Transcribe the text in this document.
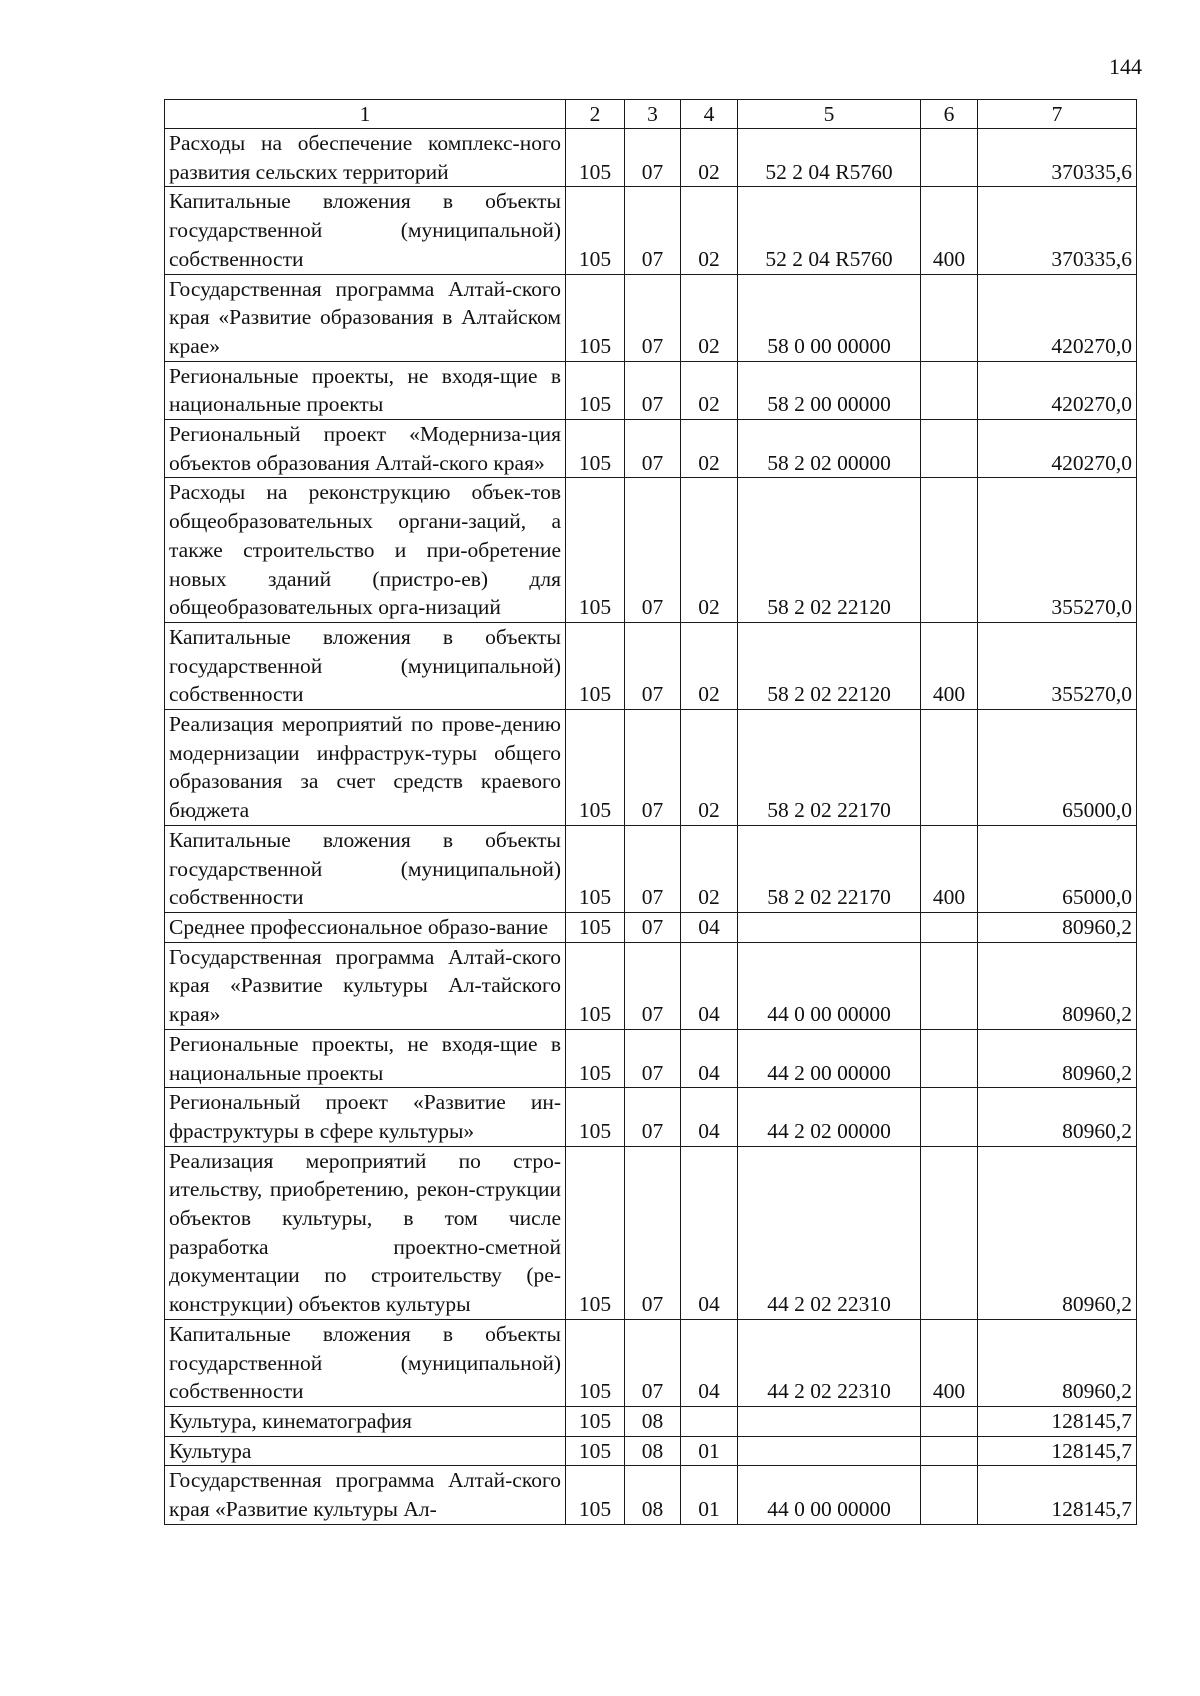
144
1	2	3	4	5	6	7
Расходы на обеспечение комплекс-ного развития сельских территорий	105	07	02	52 2 04 R5760		370335,6
Капитальные вложения в объекты государственной (муниципальной) собственности	105	07	02	52 2 04 R5760	400	370335,6
Государственная программа Алтай-ского края «Развитие образования в Алтайском крае»	105	07	02	58 0 00 00000		420270,0
Региональные проекты, не входя-щие в национальные проекты	105	07	02	58 2 00 00000		420270,0
Региональный проект «Модерниза-ция объектов образования Алтай-ского края»	105	07	02	58 2 02 00000		420270,0
Расходы на реконструкцию объек-тов общеобразовательных органи-заций, а также строительство и при-обретение новых зданий (пристро-ев) для общеобразовательных орга-низаций	105	07	02	58 2 02 22120		355270,0
Капитальные вложения в объекты государственной (муниципальной) собственности	105	07	02	58 2 02 22120	400	355270,0
Реализация мероприятий по прове-дению модернизации инфраструк-туры общего образования за счет средств краевого бюджета	105	07	02	58 2 02 22170		65000,0
Капитальные вложения в объекты государственной (муниципальной) собственности	105	07	02	58 2 02 22170	400	65000,0
Среднее профессиональное образо-вание	105	07	04			80960,2
Государственная программа Алтай-ского края «Развитие культуры Ал-тайского края»	105	07	04	44 0 00 00000		80960,2
Региональные проекты, не входя-щие в национальные проекты	105	07	04	44 2 00 00000		80960,2
Региональный проект «Развитие ин-фраструктуры в сфере культуры»	105	07	04	44 2 02 00000		80960,2
Реализация мероприятий по стро-ительству, приобретению, рекон-струкции объектов культуры, в том числе разработка проектно-сметной документации по строительству (ре-конструкции) объектов культуры	105	07	04	44 2 02 22310		80960,2
Капитальные вложения в объекты государственной (муниципальной) собственности	105	07	04	44 2 02 22310	400	80960,2
Культура, кинематография	105	08				128145,7
Культура	105	08	01			128145,7
Государственная программа Алтай-ского края «Развитие культуры Ал-	105	08	01	44 0 00 00000		128145,7
